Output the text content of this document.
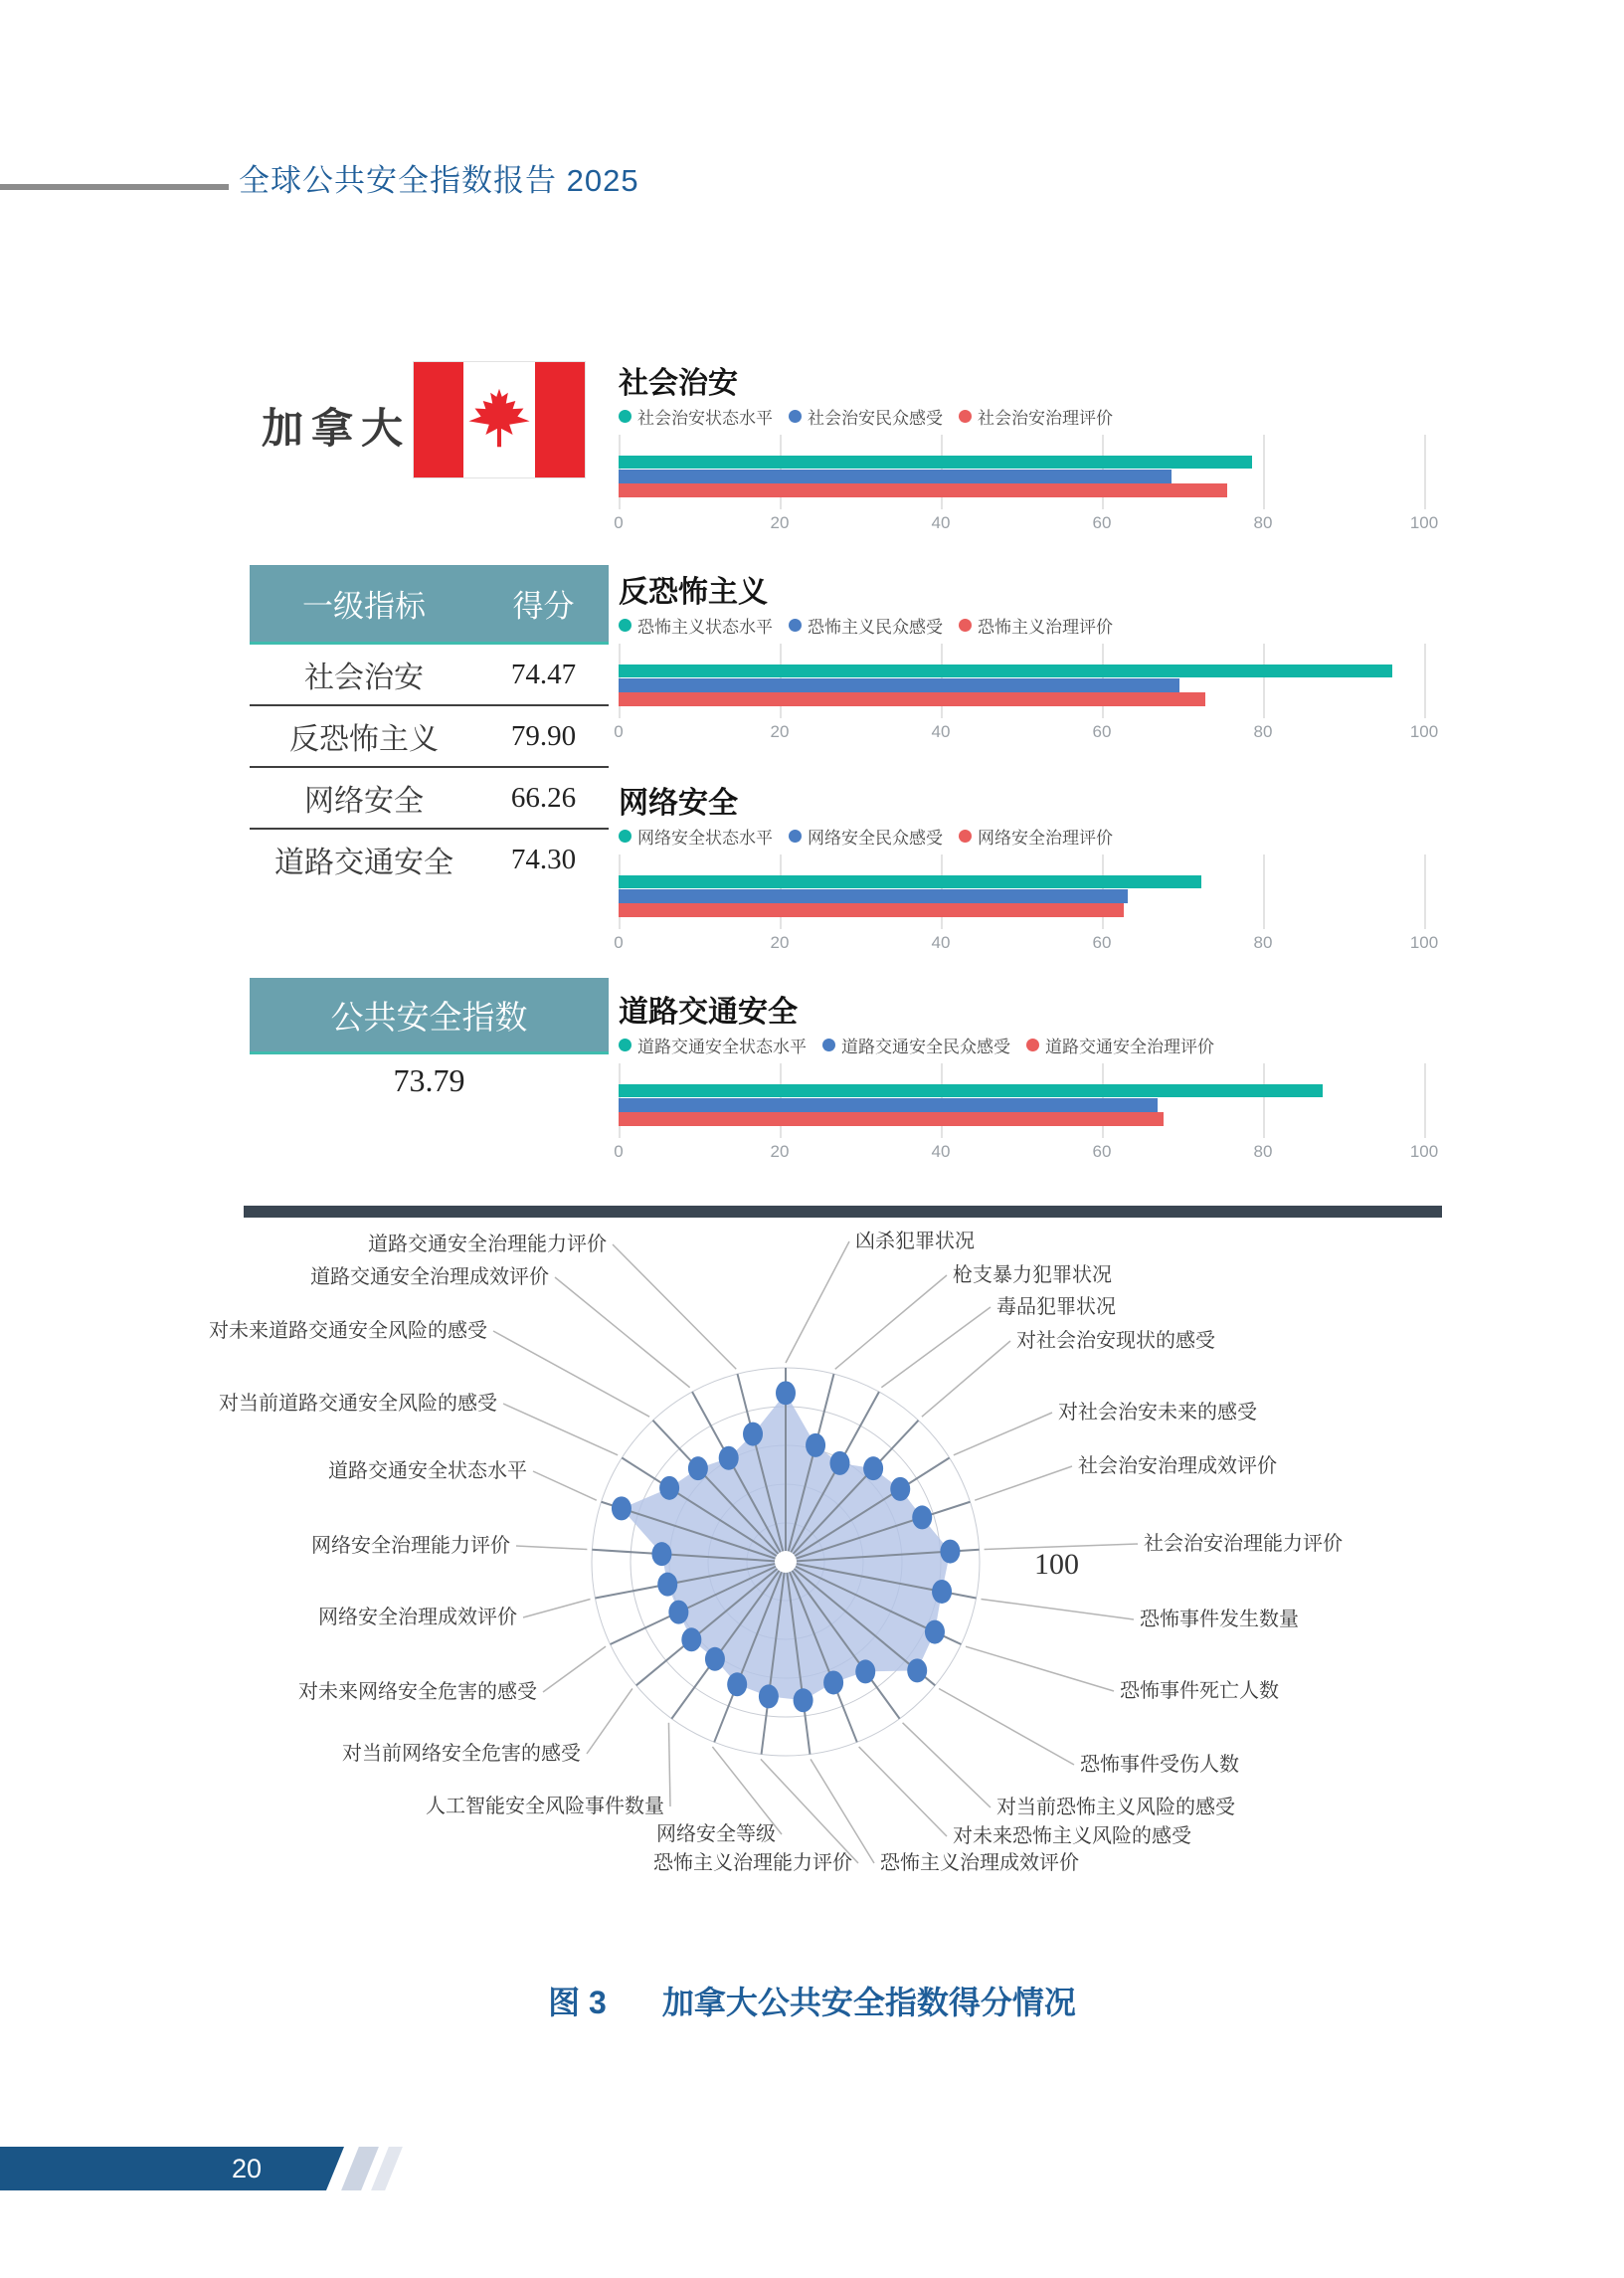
全球公共安全指数报告 2025
加拿大
社会治安
社会治安状态水平 社会治安民众感受 社会治安治理评价
0	20	40	60	80	100
反恐怖主义
恐怖主义状态水平 恐怖主义民众感受 恐怖主义治理评价
0	20	40	60	80	100
网络安全
网络安全状态水平 网络安全民众感受 网络安全治理评价
0	20	40	60	80	100
道路交通安全
道路交通安全状态水平 道路交通安全民众感受 道路交通安全治理评价
0	20	40	60	80	100
一级指标	得分
社会治安	74.47
反恐怖主义	79.90
网络安全	66.26
道路交通安全	74.30
公共安全指数
73.79
凶杀犯罪状况
枪支暴力犯罪状况
毒品犯罪状况
对社会治安现状的感受
对社会治安未来的感受
社会治安治理成效评价
社会治安治理能力评价
恐怖事件发生数量
恐怖事件死亡人数
恐怖事件受伤人数
对当前恐怖主义风险的感受
对未来恐怖主义风险的感受
恐怖主义治理成效评价
恐怖主义治理能力评价
网络安全等级
人工智能安全风险事件数量
对当前网络安全危害的感受
对未来网络安全危害的感受
网络安全治理成效评价
网络安全治理能力评价
道路交通安全状态水平
对当前道路交通安全风险的感受
对未来道路交通安全风险的感受
道路交通安全治理成效评价
道路交通安全治理能力评价
100
图 3 加拿大公共安全指数得分情况
20
